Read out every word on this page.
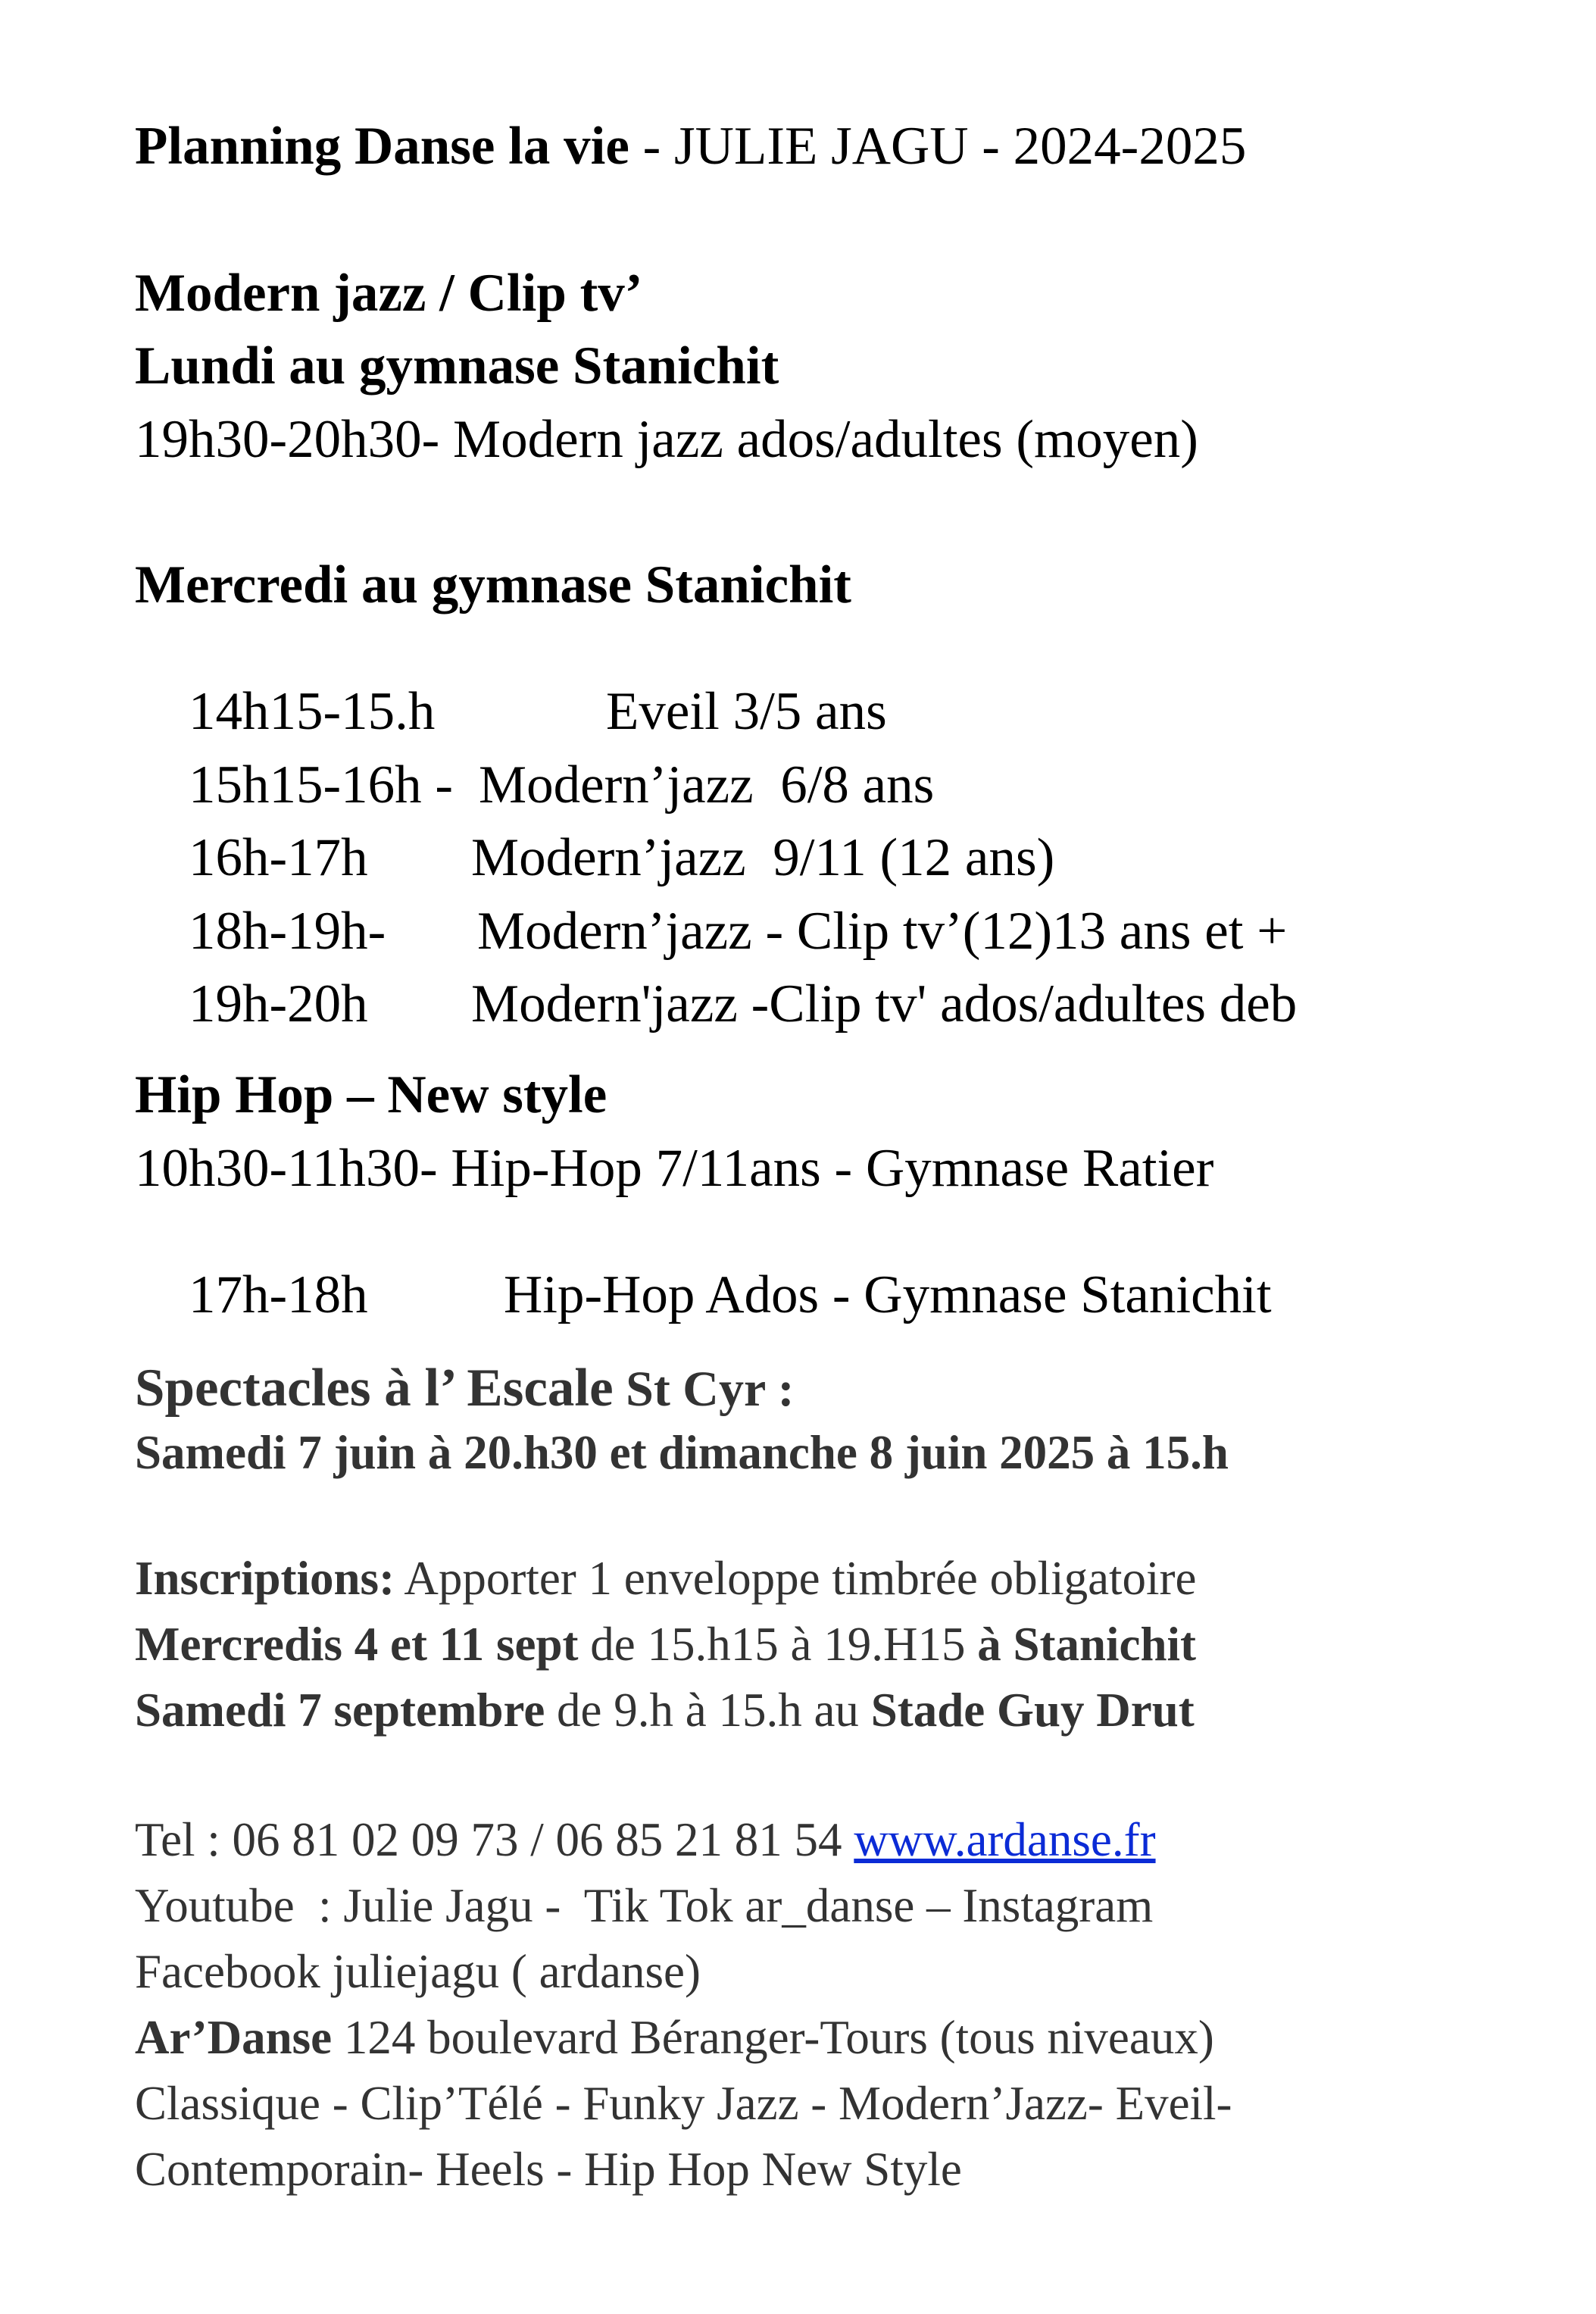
Planning Danse la vie - JULIE JAGU - 2024-2025
Modern jazz / Clip tv’
Lundi au gymnase Stanichit
19h30-20h30- Modern jazz ados/adultes (moyen)
Mercredi au gymnase Stanichit

14h15-15.h	Eveil 3/5 ans

15h15-16h - Modern’jazz  6/8 ans

16h-17h Modern’jazz  9/11 (12 ans)

18h-19h- Modern’jazz - Clip tv’(12)13 ans et +

19h-20h Modern'jazz -Clip tv' ados/adultes deb

Hip Hop – New style
10h30-11h30- Hip-Hop 7/11ans - Gymnase Ratier

17h-18h	Hip-Hop Ados - Gymnase Stanichit

Spectacles à l’ Escale St Cyr :
Samedi 7 juin à 20.h30 et dimanche 8 juin 2025 à 15.h
Inscriptions: Apporter 1 enveloppe timbrée obligatoire
Mercredis 4 et 11 sept de 15.h15 à 19.H15 à Stanichit
Samedi 7 septembre de 9.h à 15.h au Stade Guy Drut
Tel : 06 81 02 09 73 / 06 85 21 81 54 www.ardanse.fr
Youtube  : Julie Jagu -  Tik Tok ar_danse – Instagram
Facebook juliejagu ( ardanse)
Ar’Danse 124 boulevard Béranger-Tours (tous niveaux)
Classique - Clip’Télé - Funky Jazz - Modern’Jazz- Eveil-
Contemporain- Heels - Hip Hop New Style
